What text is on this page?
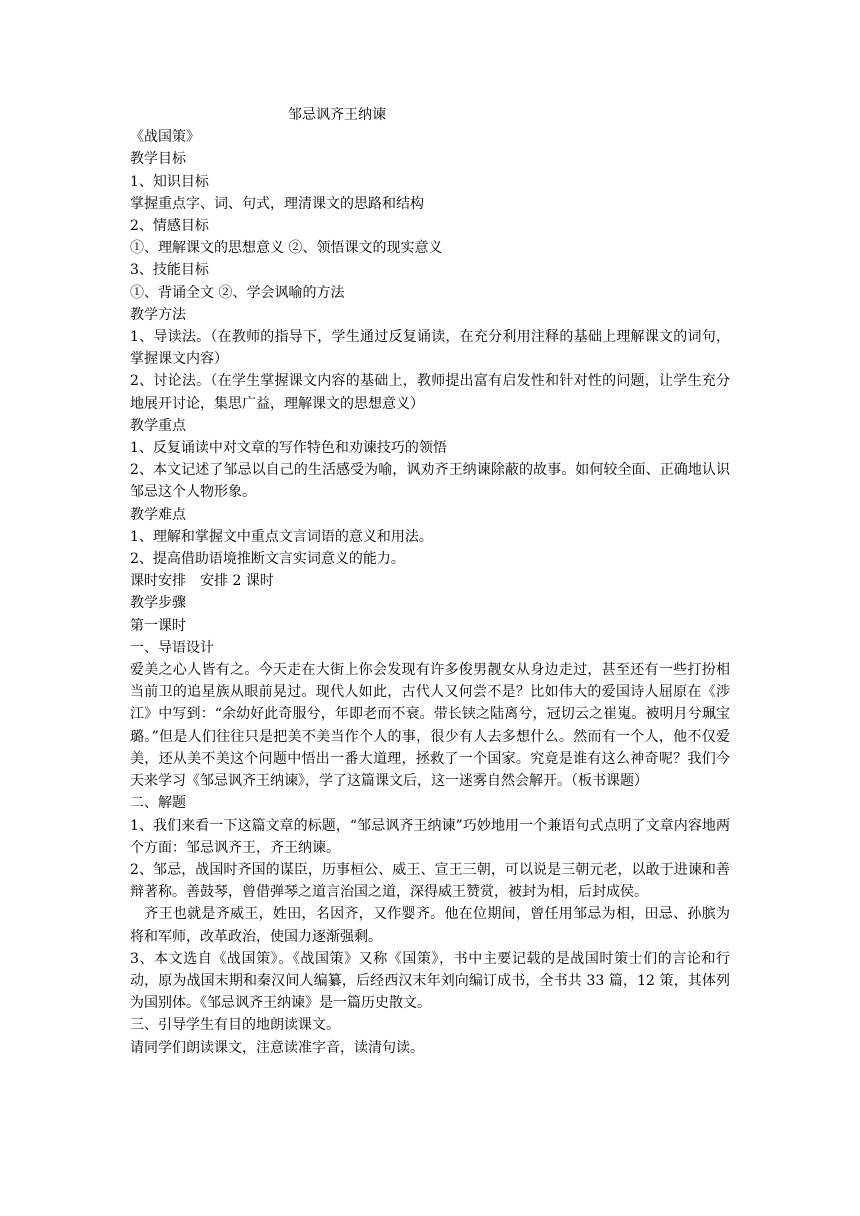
邹忌讽齐王纳谏

《战国策》

教学目标

1、知识目标

掌握重点字、词、句式，理清课文的思路和结构

2、情感目标

①、理解课文的思想意义 ②、领悟课文的现实意义

3、技能目标

①、背诵全文 ②、学会讽喻的方法

教学方法

1、导读法。（在教师的指导下，学生通过反复诵读，在充分利用注释的基础上理解课文的词句，掌握课文内容）

2、讨论法。（在学生掌握课文内容的基础上，教师提出富有启发性和针对性的问题，让学生充分地展开讨论，集思广益，理解课文的思想意义）

教学重点

1、反复诵读中对文章的写作特色和劝谏技巧的领悟

2、本文记述了邹忌以自己的生活感受为喻，讽劝齐王纳谏除蔽的故事。如何较全面、正确地认识邹忌这个人物形象。

教学难点

1、理解和掌握文中重点文言词语的意义和用法。

2、提高借助语境推断文言实词意义的能力。

课时安排　安排 2 课时

教学步骤

第一课时

一、导语设计

爱美之心人皆有之。今天走在大街上你会发现有许多俊男靓女从身边走过，甚至还有一些打扮相当前卫的追星族从眼前晃过。现代人如此，古代人又何尝不是？比如伟大的爱国诗人屈原在《涉江》中写到：“余幼好此奇服兮，年即老而不衰。带长铗之陆离兮，冠切云之崔嵬。被明月兮珮宝璐。”但是人们往往只是把美不美当作个人的事，很少有人去多想什么。然而有一个人，他不仅爱美，还从美不美这个问题中悟出一番大道理，拯救了一个国家。究竟是谁有这么神奇呢？我们今天来学习《邹忌讽齐王纳谏》，学了这篇课文后，这一迷雾自然会解开。（板书课题）

二、解题

1、我们来看一下这篇文章的标题，“邹忌讽齐王纳谏”巧妙地用一个兼语句式点明了文章内容地两个方面：邹忌讽齐王，齐王纳谏。

2、邹忌，战国时齐国的谋臣，历事桓公、威王、宣王三朝，可以说是三朝元老，以敢于进谏和善辩著称。善鼓琴，曾借弹琴之道言治国之道，深得威王赞赏，被封为相，后封成侯。

　齐王也就是齐威王，姓田，名因齐，又作婴齐。他在位期间，曾任用邹忌为相，田忌、孙膑为将和军师，改革政治，使国力逐渐强剩。

3、本文选自《战国策》。《战国策》又称《国策》，书中主要记载的是战国时策士们的言论和行动，原为战国末期和秦汉间人编纂，后经西汉末年刘向编订成书，全书共 33 篇，12 策，其体列为国别体。《邹忌讽齐王纳谏》是一篇历史散文。

三、引导学生有目的地朗读课文。

请同学们朗读课文，注意读准字音，读清句读。
